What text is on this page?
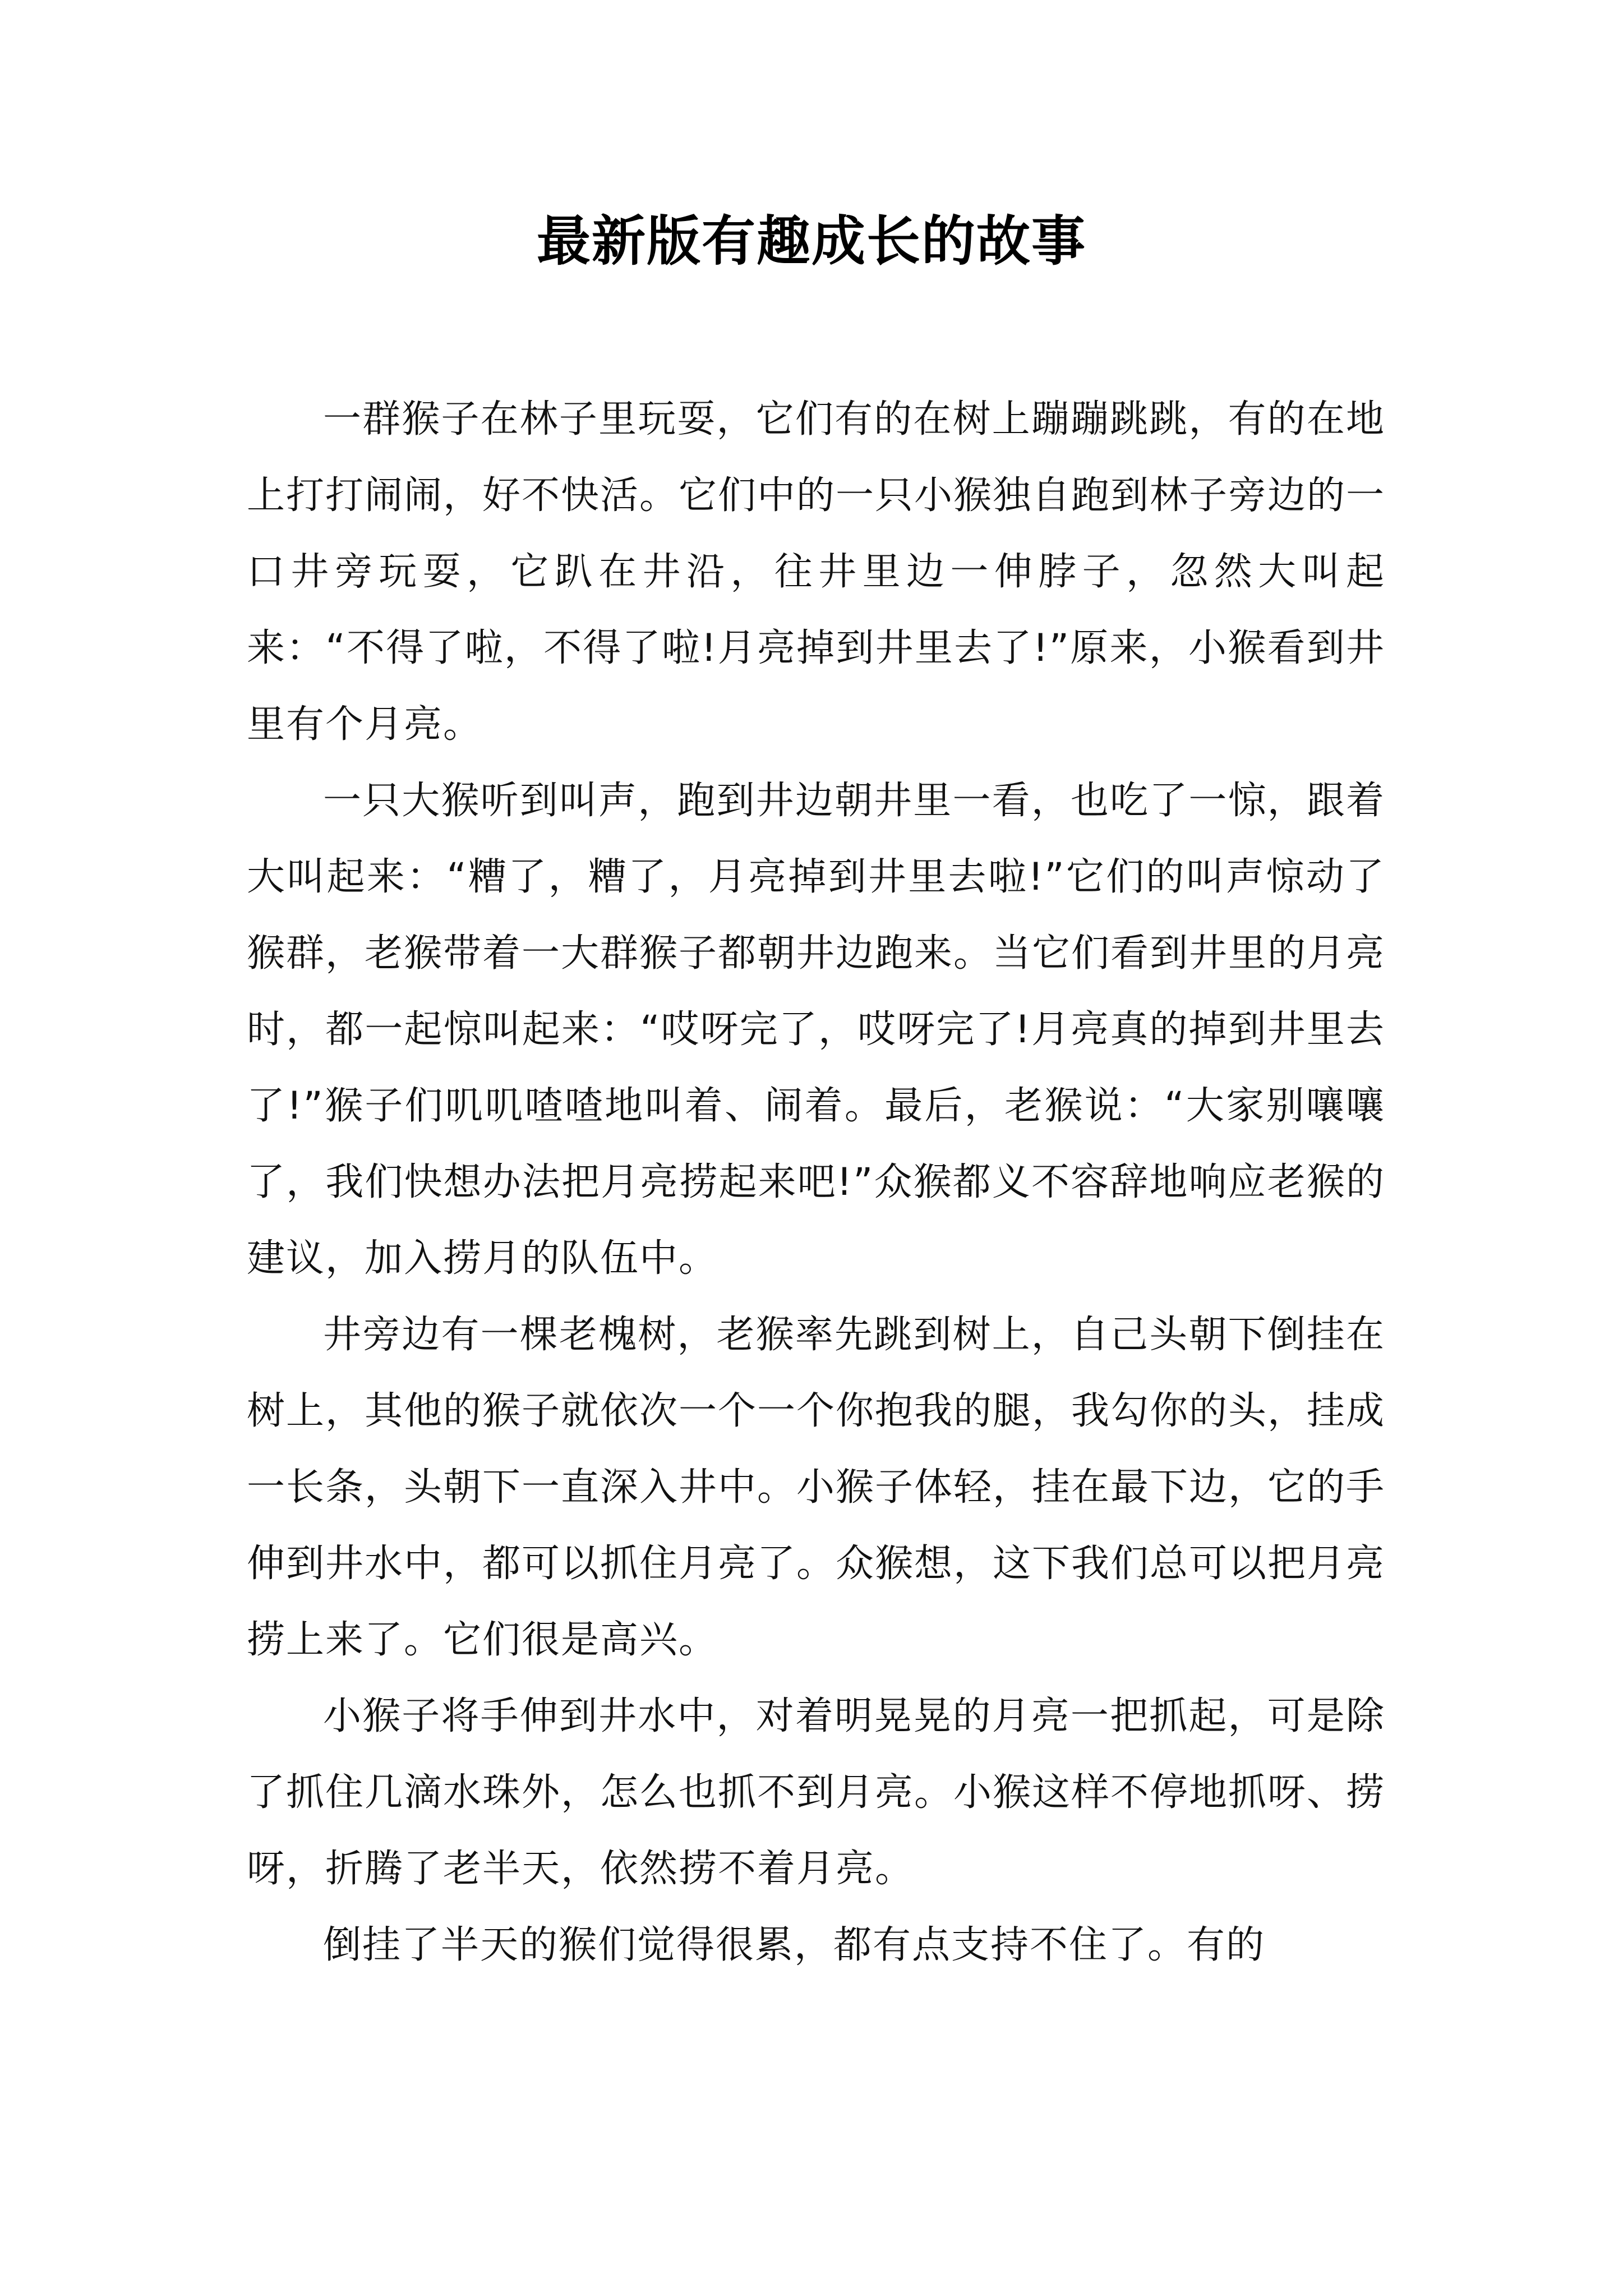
最新版有趣成长的故事

一群猴子在林子里玩耍，它们有的在树上蹦蹦跳跳，有的在地上打打闹闹，好不快活。它们中的一只小猴独自跑到林子旁边的一口井旁玩耍，它趴在井沿，往井里边一伸脖子，忽然大叫起来：“不得了啦，不得了啦!月亮掉到井里去了!”原来，小猴看到井里有个月亮。

一只大猴听到叫声，跑到井边朝井里一看，也吃了一惊，跟着大叫起来：“糟了，糟了，月亮掉到井里去啦!”它们的叫声惊动了猴群，老猴带着一大群猴子都朝井边跑来。当它们看到井里的月亮时，都一起惊叫起来：“哎呀完了，哎呀完了!月亮真的掉到井里去了!”猴子们叽叽喳喳地叫着、闹着。最后，老猴说：“大家别嚷嚷了，我们快想办法把月亮捞起来吧!”众猴都义不容辞地响应老猴的建议，加入捞月的队伍中。

井旁边有一棵老槐树，老猴率先跳到树上，自己头朝下倒挂在树上，其他的猴子就依次一个一个你抱我的腿，我勾你的头，挂成一长条，头朝下一直深入井中。小猴子体轻，挂在最下边，它的手伸到井水中，都可以抓住月亮了。众猴想，这下我们总可以把月亮捞上来了。它们很是高兴。

小猴子将手伸到井水中，对着明晃晃的月亮一把抓起，可是除了抓住几滴水珠外，怎么也抓不到月亮。小猴这样不停地抓呀、捞呀，折腾了老半天，依然捞不着月亮。

倒挂了半天的猴们觉得很累，都有点支持不住了。有的
